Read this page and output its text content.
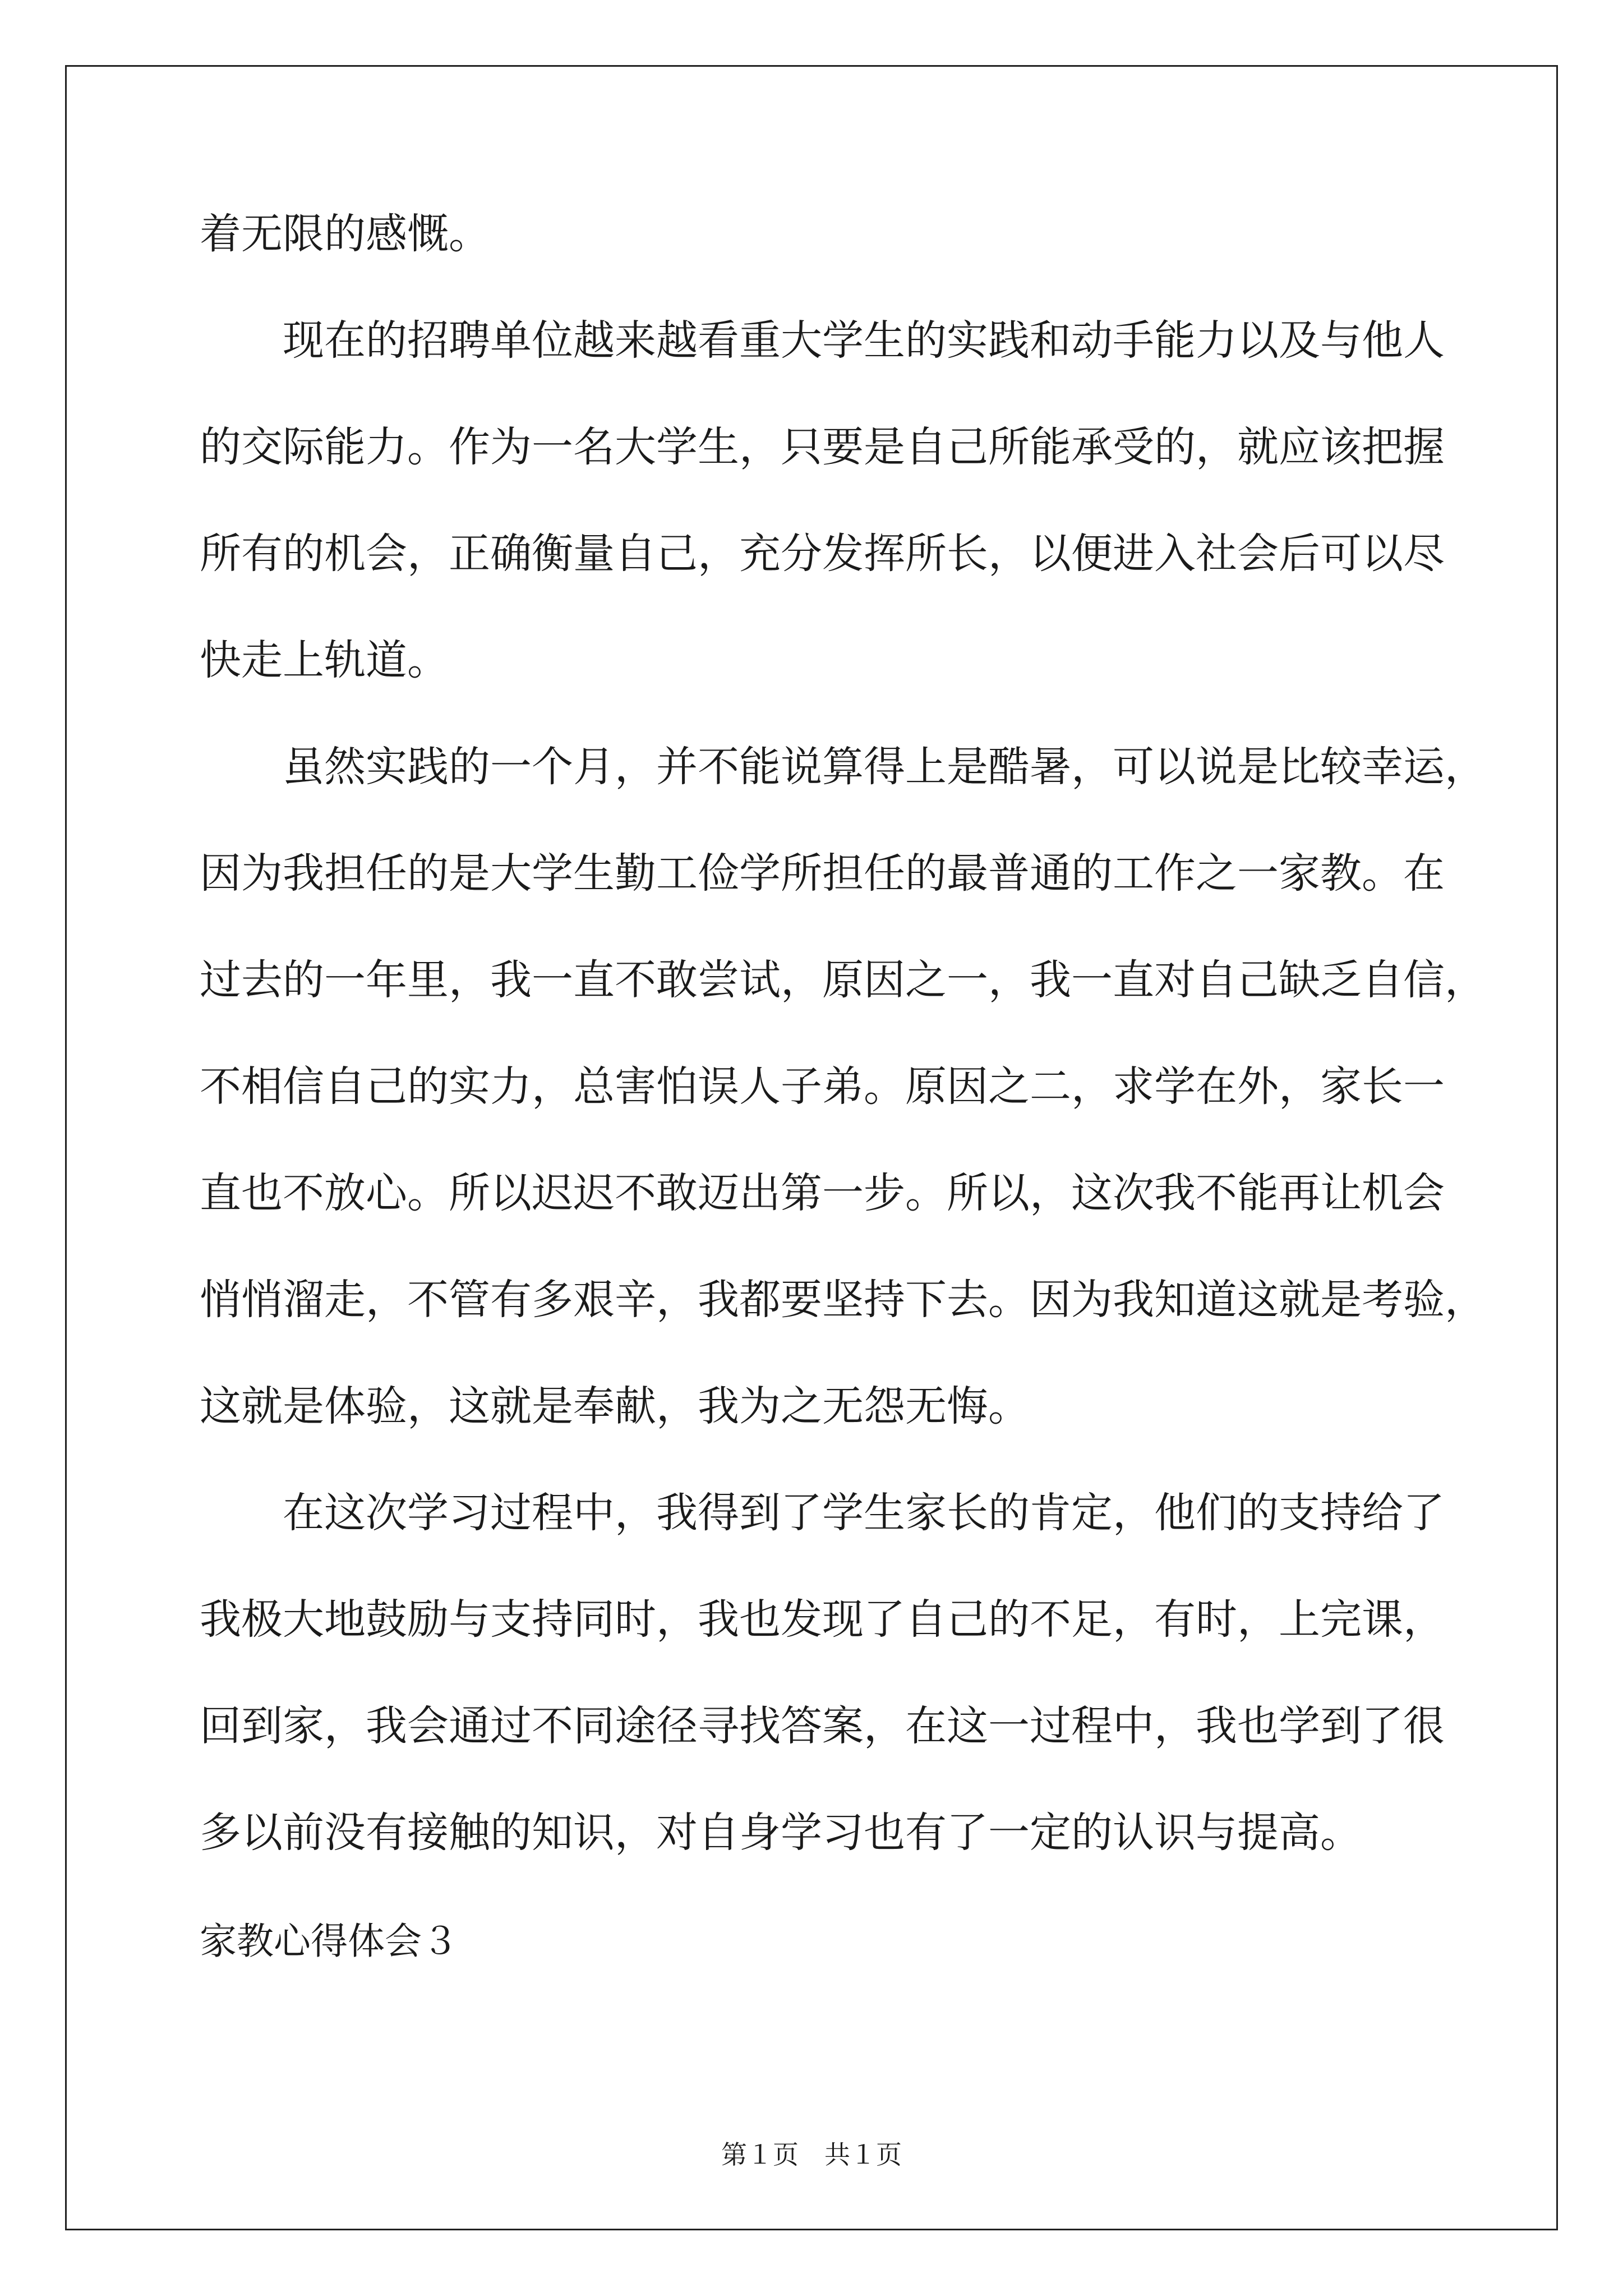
着无限的感慨。
　　现在的招聘单位越来越看重大学生的实践和动手能力以及与他人
的交际能力。作为一名大学生，只要是自己所能承受的，就应该把握
所有的机会，正确衡量自己，充分发挥所长，以便进入社会后可以尽
快走上轨道。
　　虽然实践的一个月，并不能说算得上是酷暑，可以说是比较幸运，
因为我担任的是大学生勤工俭学所担任的最普通的工作之一家教。在
过去的一年里，我一直不敢尝试，原因之一，我一直对自己缺乏自信，
不相信自己的实力，总害怕误人子弟。原因之二，求学在外，家长一
直也不放心。所以迟迟不敢迈出第一步。所以，这次我不能再让机会
悄悄溜走，不管有多艰辛，我都要坚持下去。因为我知道这就是考验，
这就是体验，这就是奉献，我为之无怨无悔。
　　在这次学习过程中，我得到了学生家长的肯定，他们的支持给了
我极大地鼓励与支持同时，我也发现了自己的不足，有时，上完课，
回到家，我会通过不同途径寻找答案，在这一过程中，我也学到了很
多以前没有接触的知识，对自身学习也有了一定的认识与提高。
家教心得体会３
第１页　共１页
